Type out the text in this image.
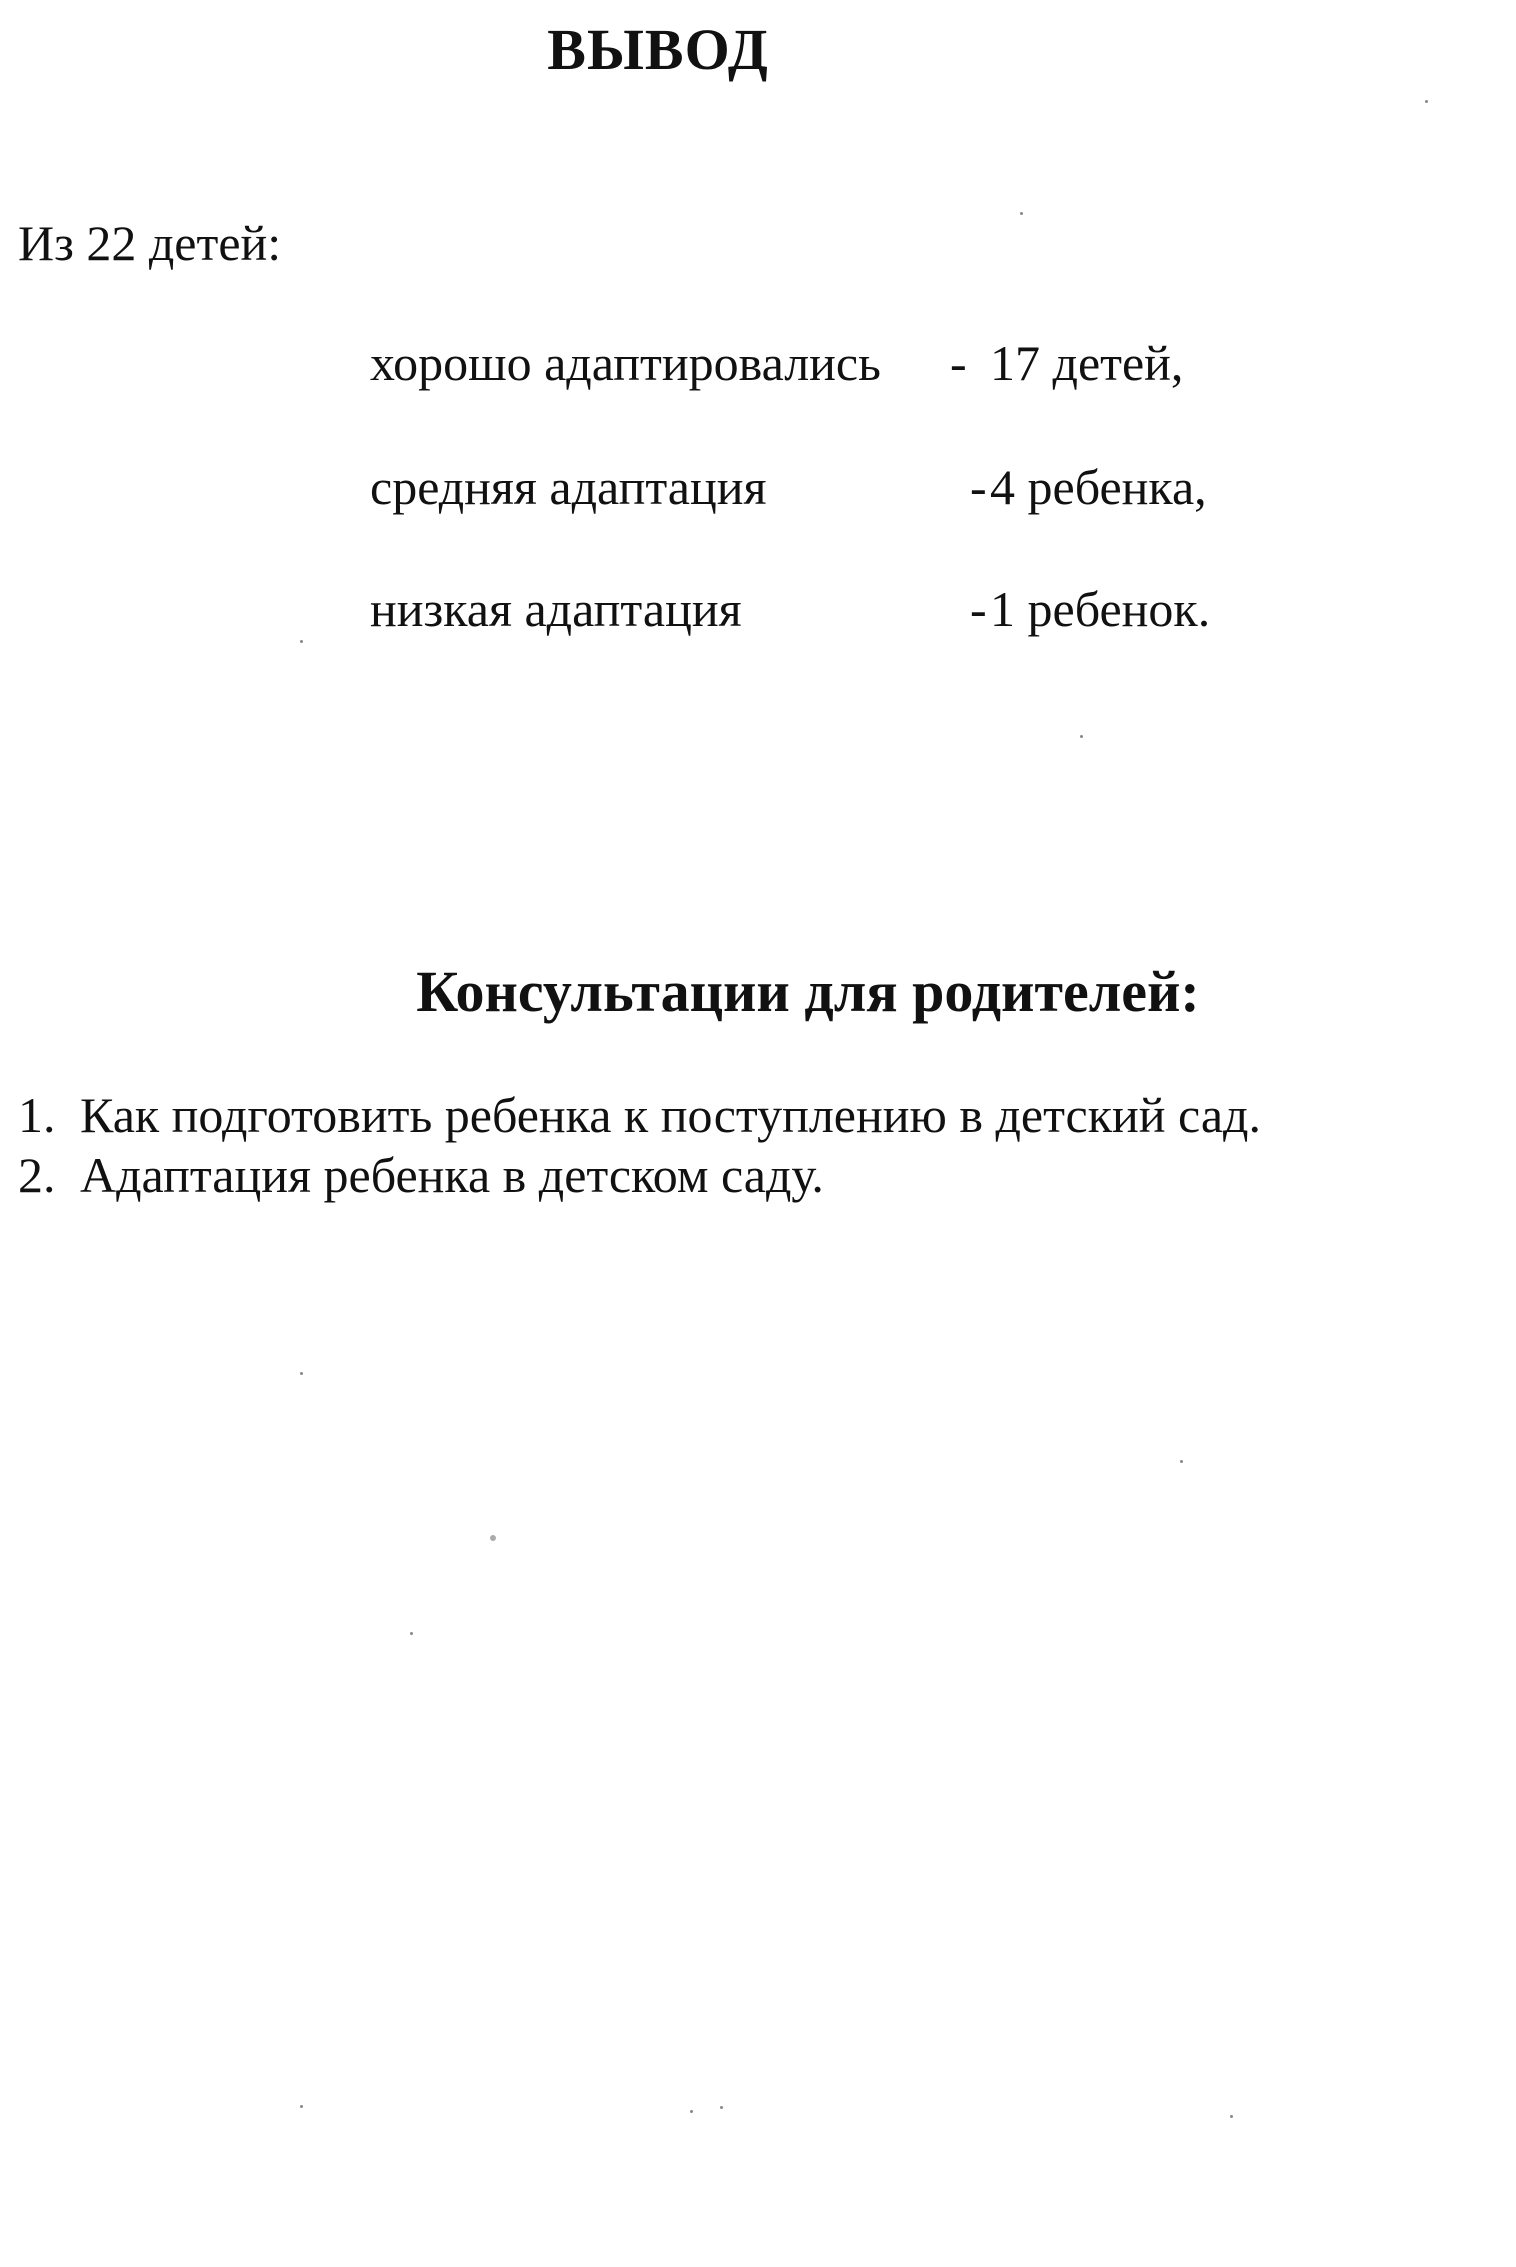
ВЫВОД
Из 22 детей:
хорошо адаптировались - 17 детей,
средняя адаптация	- 4 ребенка,
низкая адаптация	- 1 ребенок.
Консультации для родителей:
1. Как подготовить ребенка к поступлению в детский сад.
2. Адаптация ребенка в детском саду.
